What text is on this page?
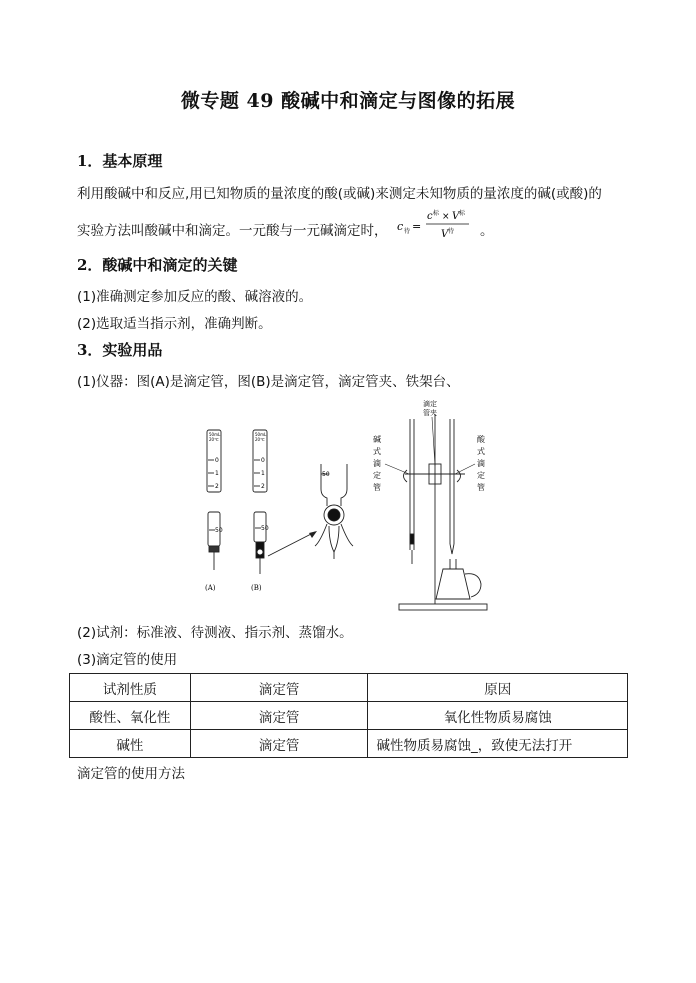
微专题 49 酸碱中和滴定与图像的拓展
1．基本原理
利用酸碱中和反应,用已知物质的量浓度的酸(或碱)来测定未知物质的量浓度的碱(或酸)的
实验方法叫酸碱中和滴定。一元酸与一元碱滴定时， c 待 =
c 标 × V 标
V 待 。
2．酸碱中和滴定的关键
(1)准确测定参加反应的酸、碱溶液的。
(2)选取适当指示剂，准确判断。
3．实验用品
(1)仪器：图(A)是滴定管，图(B)是滴定管，滴定管夹、铁架台、
50mL
20℃
0
1
2
50
(A)
50mL
20℃
0
1
2
50
(B)
50
滴定
管夹
碱
式
滴
定
管
酸
式
滴
定
管
(2)试剂：标准液、待测液、指示剂、蒸馏水。
(3)滴定管的使用
试剂性质	滴定管	原因
酸性、氧化性	滴定管	氧化性物质易腐蚀
碱性	滴定管	碱性物质易腐蚀_，致使无法打开
滴定管的使用方法
